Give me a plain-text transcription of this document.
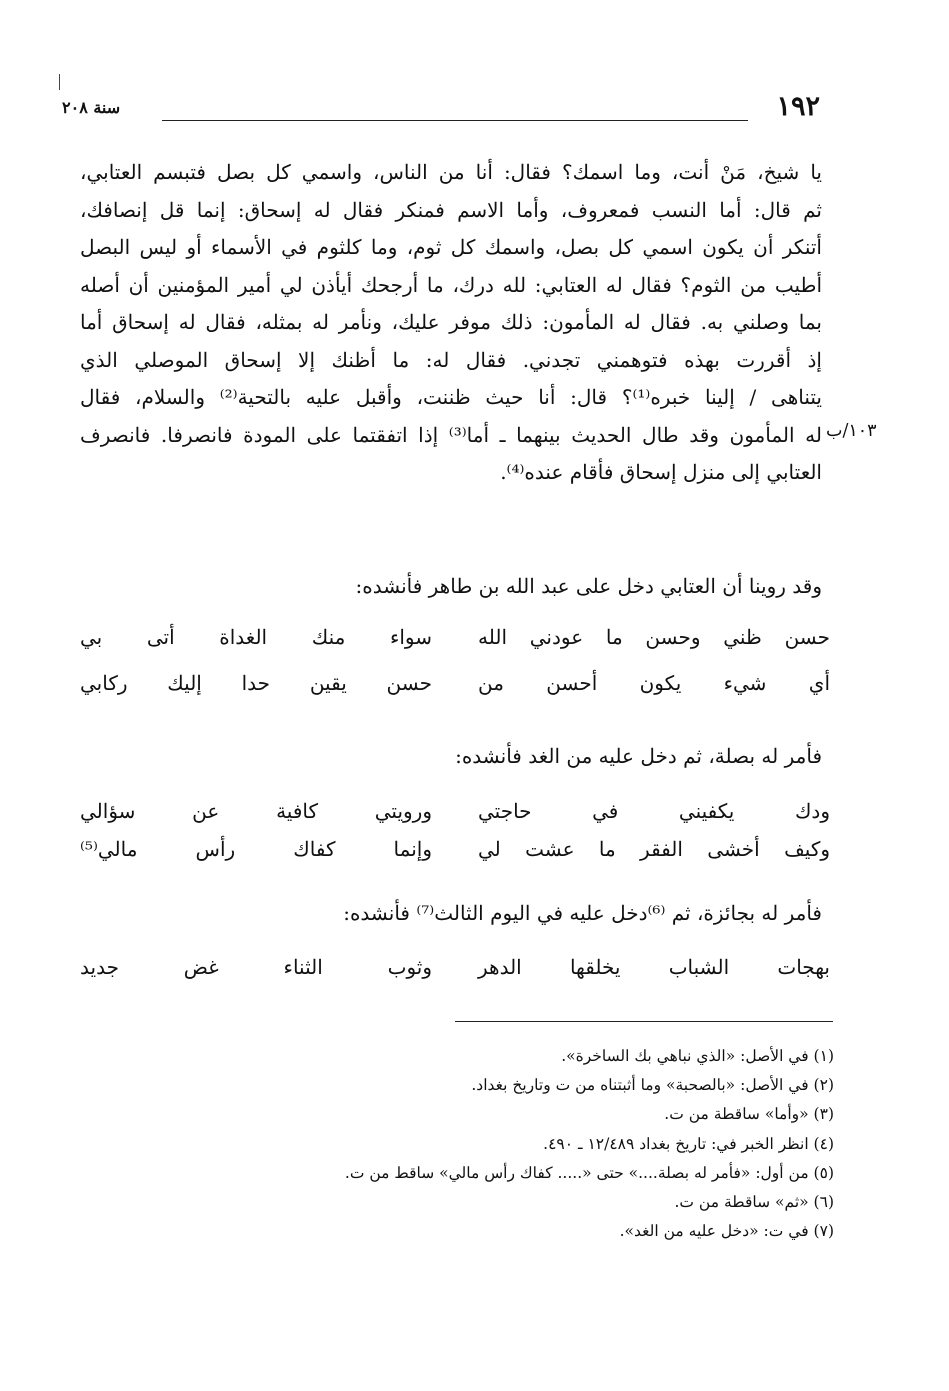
١٩٢
سنة ٢٠٨
يا شيخ، مَنْ أنت، وما اسمك؟ فقال: أنا من الناس، واسمي كل بصل فتبسم العتابي،
ثم قال: أما النسب فمعروف، وأما الاسم فمنكر فقال له إسحاق: إنما قل إنصافك،
أتنكر أن يكون اسمي كل بصل، واسمك كل ثوم، وما كلثوم في الأسماء أو ليس البصل
أطيب من الثوم؟ فقال له العتابي: لله درك، ما أرجحك أيأذن لي أمير المؤمنين أن أصله
بما وصلني به. فقال له المأمون: ذلك موفر عليك، ونأمر له بمثله، فقال له إسحاق أما
إذ أقررت بهذه فتوهمني تجدني. فقال له: ما أظنك إلا إسحاق الموصلي الذي
يتناهى / إلينا خبره⁽¹⁾؟ قال: أنا حيث ظننت، وأقبل عليه بالتحية⁽²⁾ والسلام، فقال
له المأمون وقد طال الحديث بينهما ـ أما⁽³⁾ إذا اتفقتما على المودة فانصرفا. فانصرف
العتابي إلى منزل إسحاق فأقام عنده⁽⁴⁾.
١٠٣/ب
وقد روينا أن العتابي دخل على عبد الله بن طاهر فأنشده:
حسن ظني وحسن ما عودني الله
سواء منك الغداة أتى بي
أي شيء يكون أحسن من
حسن يقين حدا إليك ركابي
فأمر له بصلة، ثم دخل عليه من الغد فأنشده:
ودك يكفيني في حاجتي
ورويتي كافية عن سؤالي
وكيف أخشى الفقر ما عشت لي
وإنما كفاك رأس مالي⁽⁵⁾
فأمر له بجائزة، ثم ⁽⁶⁾دخل عليه في اليوم الثالث⁽⁷⁾ فأنشده:
بهجات الشباب يخلقها الدهر
وثوب الثناء غض جديد
(١) في الأصل: «الذي نباهي بك الساخرة».
(٢) في الأصل: «بالصحبة» وما أثبتناه من ت وتاريخ بغداد.
(٣) «وأما» ساقطة من ت.
(٤) انظر الخبر في: تاريخ بغداد ١٢/٤٨٩ ـ ٤٩٠.
(٥) من أول: «فأمر له بصلة....» حتى «..... كفاك رأس مالي» ساقط من ت.
(٦) «ثم» ساقطة من ت.
(٧) في ت: «دخل عليه من الغد».
